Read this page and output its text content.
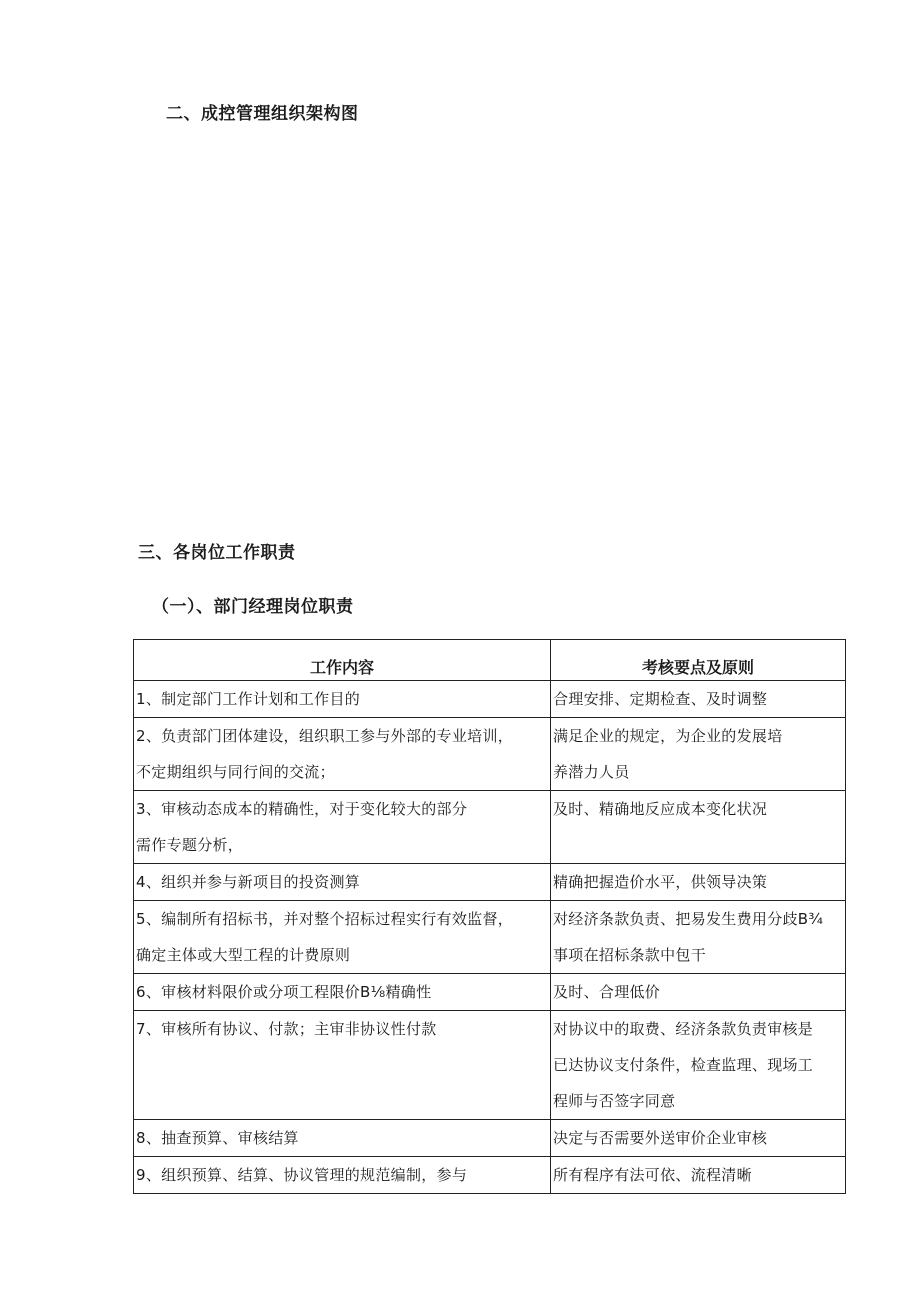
二、成控管理组织架构图
三、各岗位工作职责
（一）、部门经理岗位职责
工作内容	考核要点及原则

1、制定部门工作计划和工作目的	合理安排、定期检查、及时调整

2、负责部门团体建设，组织职工参与外部的专业培训，
不定期组织与同行间的交流；	满足企业的规定，为企业的发展培
养潜力人员

3、审核动态成本的精确性，对于变化较大的部分
需作专题分析，	及时、精确地反应成本变化状况

4、组织并参与新项目的投资测算	精确把握造价水平，供领导决策

5、编制所有招标书，并对整个招标过程实行有效监督，
确定主体或大型工程的计费原则	对经济条款负责、把易发生费用分歧B¾
事项在招标条款中包干

6、审核材料限价或分项工程限价B⅛精确性	及时、合理低价

7、审核所有协议、付款；主审非协议性付款	对协议中的取费、经济条款负责审核是
已达协议支付条件，检查监理、现场工
程师与否签字同意

8、抽查预算、审核结算	决定与否需要外送审价企业审核

9、组织预算、结算、协议管理的规范编制，参与	所有程序有法可依、流程清晰
